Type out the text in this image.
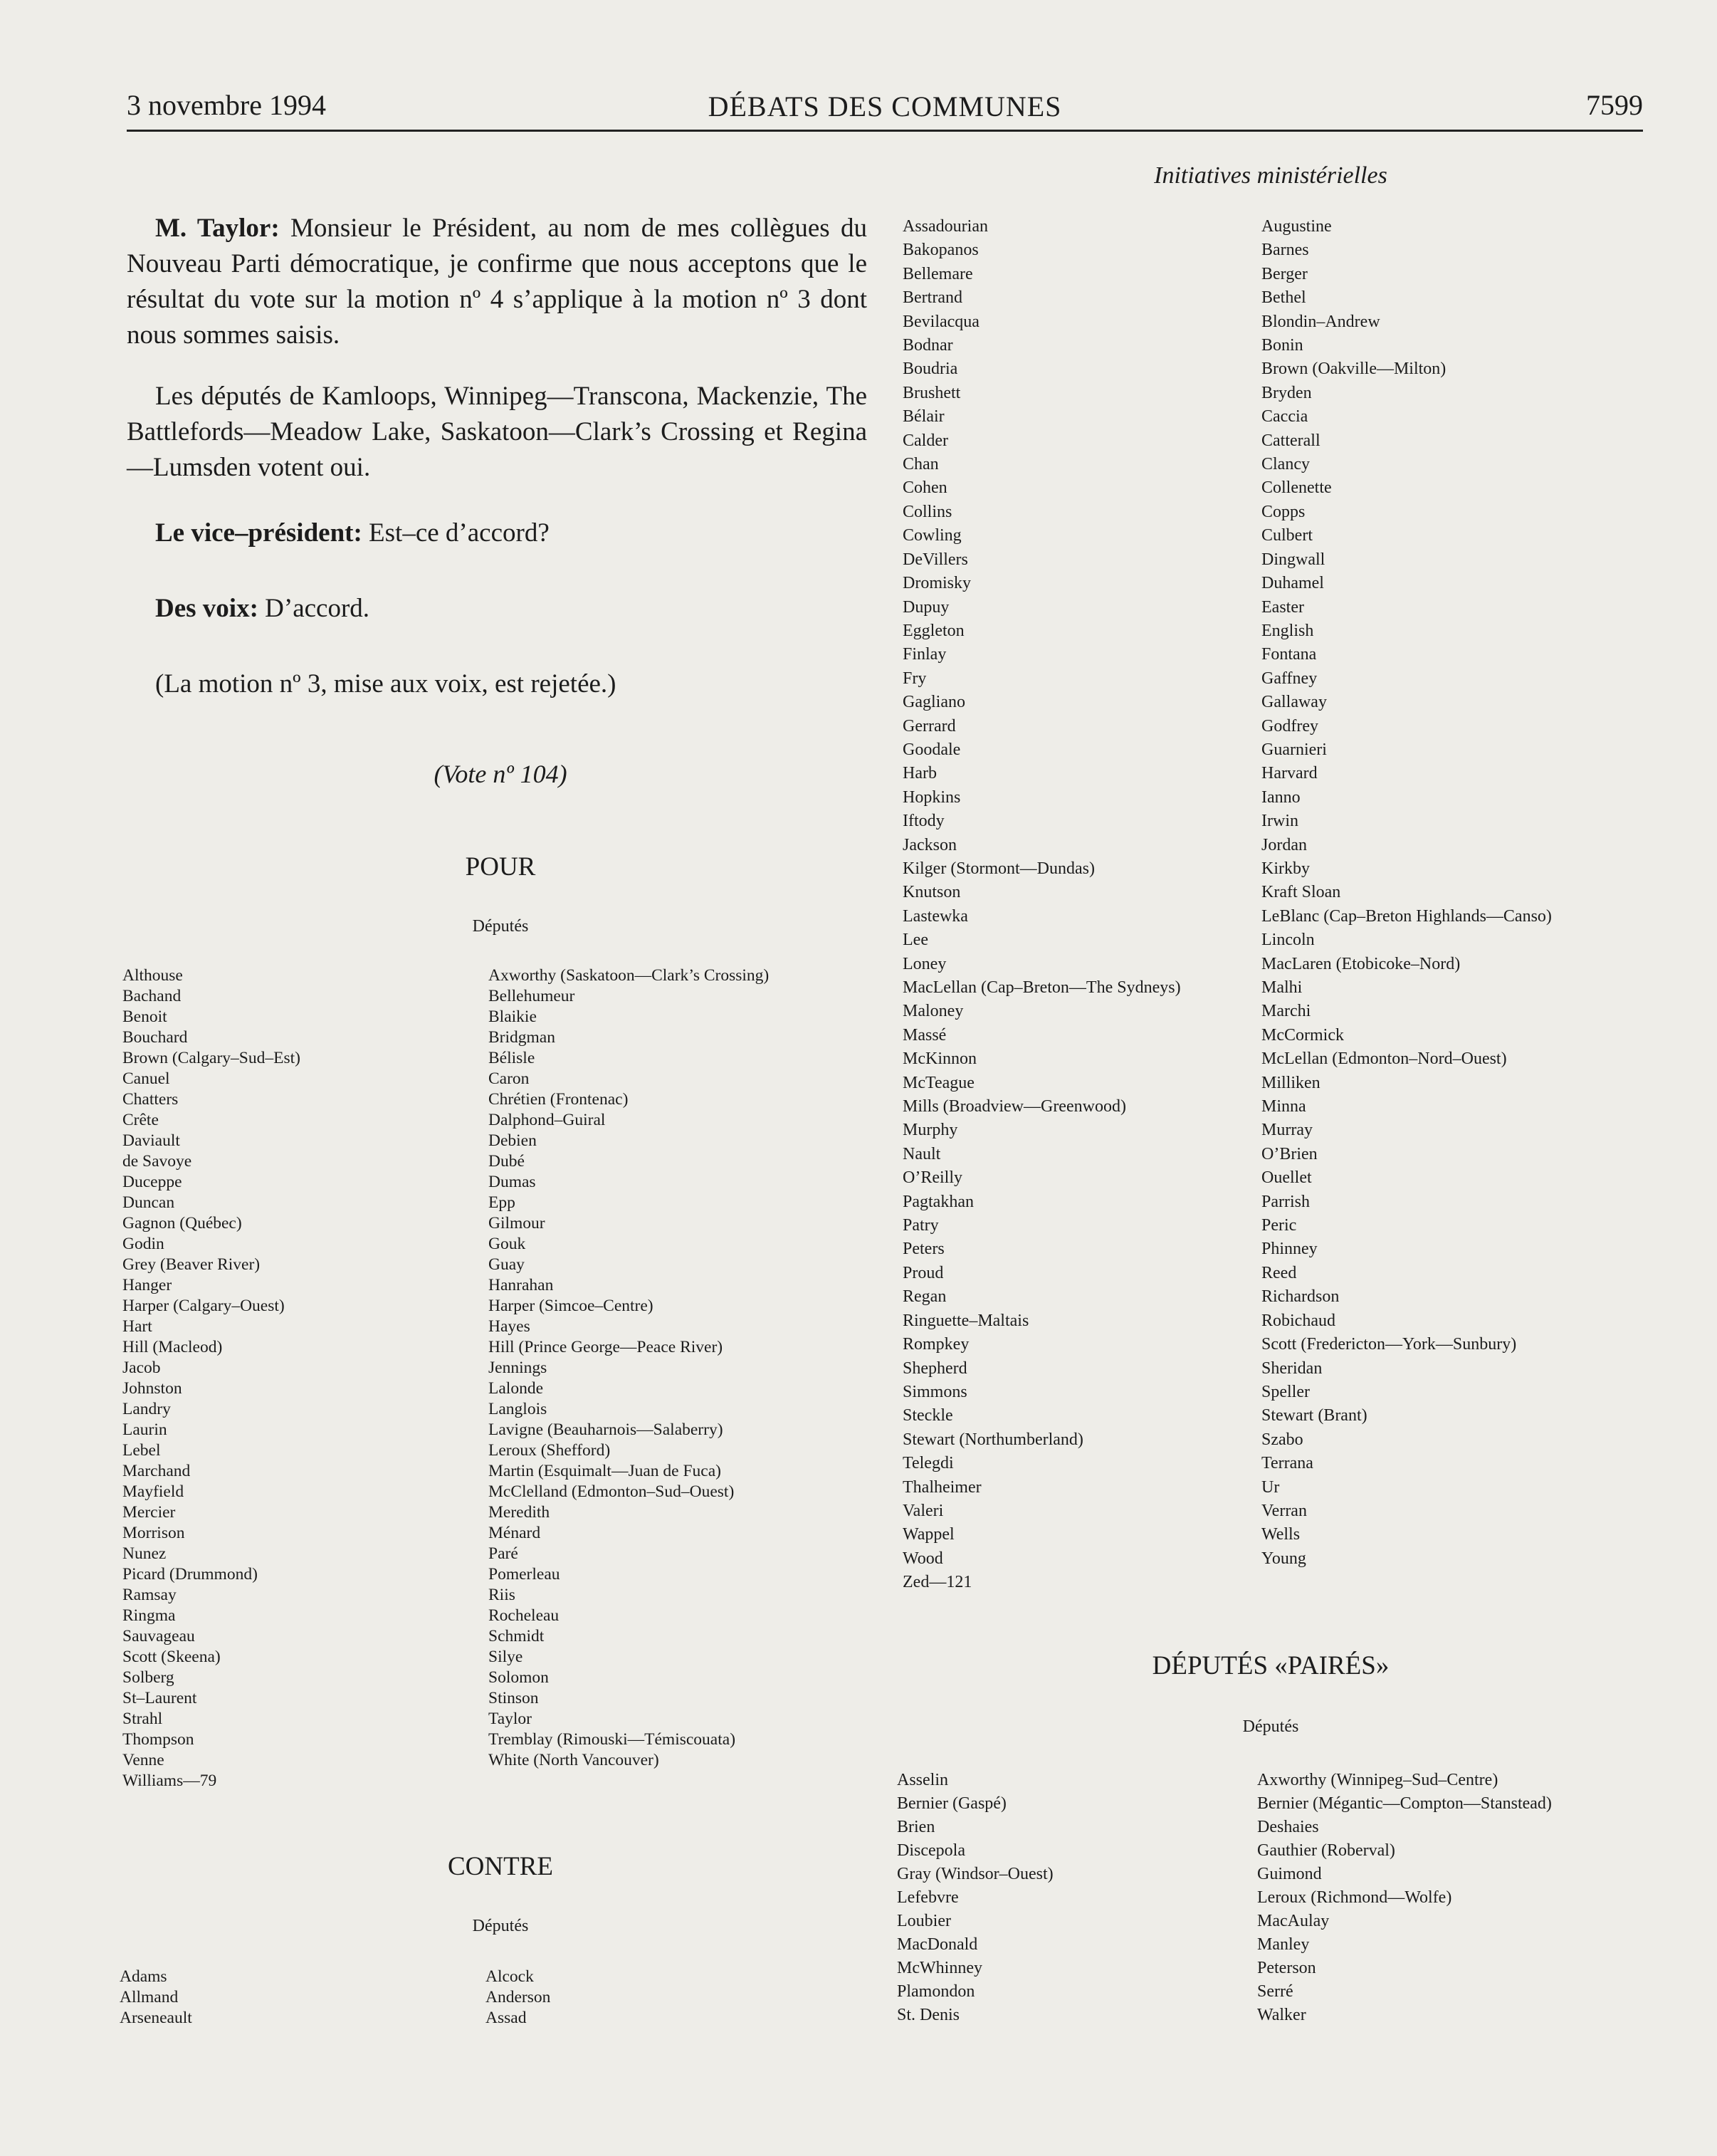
3 novembre 1994	DÉBATS DES COMMUNES	7599
Initiatives ministérielles

M. Taylor: Monsieur le Président, au nom de mes collègues du Nouveau Parti démocratique, je confirme que nous acceptons que le résultat du vote sur la motion nº 4 s’applique à la motion nº 3 dont nous sommes saisis.

Les députés de Kamloops, Winnipeg—Transcona, Mackenzie, The Battlefords—Meadow Lake, Saskatoon—Clark’s Crossing et Regina—Lumsden votent oui.

Le vice–président: Est–ce d’accord?

Des voix: D’accord.

(La motion nº 3, mise aux voix, est rejetée.)

(Vote nº 104)
POUR
Députés
Althouse
Bachand
Benoit
Bouchard
Brown (Calgary–Sud–Est)
Canuel
Chatters
Crête
Daviault
de Savoye
Duceppe
Duncan
Gagnon (Québec)
Godin
Grey (Beaver River)
Hanger
Harper (Calgary–Ouest)
Hart
Hill (Macleod)
Jacob
Johnston
Landry
Laurin
Lebel
Marchand
Mayfield
Mercier
Morrison
Nunez
Picard (Drummond)
Ramsay
Ringma
Sauvageau
Scott (Skeena)
Solberg
St–Laurent
Strahl
Thompson
Venne
Williams—79
Axworthy (Saskatoon—Clark’s Crossing)
Bellehumeur
Blaikie
Bridgman
Bélisle
Caron
Chrétien (Frontenac)
Dalphond–Guiral
Debien
Dubé
Dumas
Epp
Gilmour
Gouk
Guay
Hanrahan
Harper (Simcoe–Centre)
Hayes
Hill (Prince George—Peace River)
Jennings
Lalonde
Langlois
Lavigne (Beauharnois—Salaberry)
Leroux (Shefford)
Martin (Esquimalt—Juan de Fuca)
McClelland (Edmonton–Sud–Ouest)
Meredith
Ménard
Paré
Pomerleau
Riis
Rocheleau
Schmidt
Silye
Solomon
Stinson
Taylor
Tremblay (Rimouski—Témiscouata)
White (North Vancouver)
CONTRE
Députés
Adams
Allmand
Arseneault
Alcock
Anderson
Assad
Assadourian
Bakopanos
Bellemare
Bertrand
Bevilacqua
Bodnar
Boudria
Brushett
Bélair
Calder
Chan
Cohen
Collins
Cowling
DeVillers
Dromisky
Dupuy
Eggleton
Finlay
Fry
Gagliano
Gerrard
Goodale
Harb
Hopkins
Iftody
Jackson
Kilger (Stormont—Dundas)
Knutson
Lastewka
Lee
Loney
MacLellan (Cap–Breton—The Sydneys)
Maloney
Massé
McKinnon
McTeague
Mills (Broadview—Greenwood)
Murphy
Nault
O’Reilly
Pagtakhan
Patry
Peters
Proud
Regan
Ringuette–Maltais
Rompkey
Shepherd
Simmons
Steckle
Stewart (Northumberland)
Telegdi
Thalheimer
Valeri
Wappel
Wood
Zed—121
Augustine
Barnes
Berger
Bethel
Blondin–Andrew
Bonin
Brown (Oakville—Milton)
Bryden
Caccia
Catterall
Clancy
Collenette
Copps
Culbert
Dingwall
Duhamel
Easter
English
Fontana
Gaffney
Gallaway
Godfrey
Guarnieri
Harvard
Ianno
Irwin
Jordan
Kirkby
Kraft Sloan
LeBlanc (Cap–Breton Highlands—Canso)
Lincoln
MacLaren (Etobicoke–Nord)
Malhi
Marchi
McCormick
McLellan (Edmonton–Nord–Ouest)
Milliken
Minna
Murray
O’Brien
Ouellet
Parrish
Peric
Phinney
Reed
Richardson
Robichaud
Scott (Fredericton—York—Sunbury)
Sheridan
Speller
Stewart (Brant)
Szabo
Terrana
Ur
Verran
Wells
Young
DÉPUTÉS «PAIRÉS»
Députés
Asselin
Bernier (Gaspé)
Brien
Discepola
Gray (Windsor–Ouest)
Lefebvre
Loubier
MacDonald
McWhinney
Plamondon
St. Denis
Axworthy (Winnipeg–Sud–Centre)
Bernier (Mégantic—Compton—Stanstead)
Deshaies
Gauthier (Roberval)
Guimond
Leroux (Richmond—Wolfe)
MacAulay
Manley
Peterson
Serré
Walker
